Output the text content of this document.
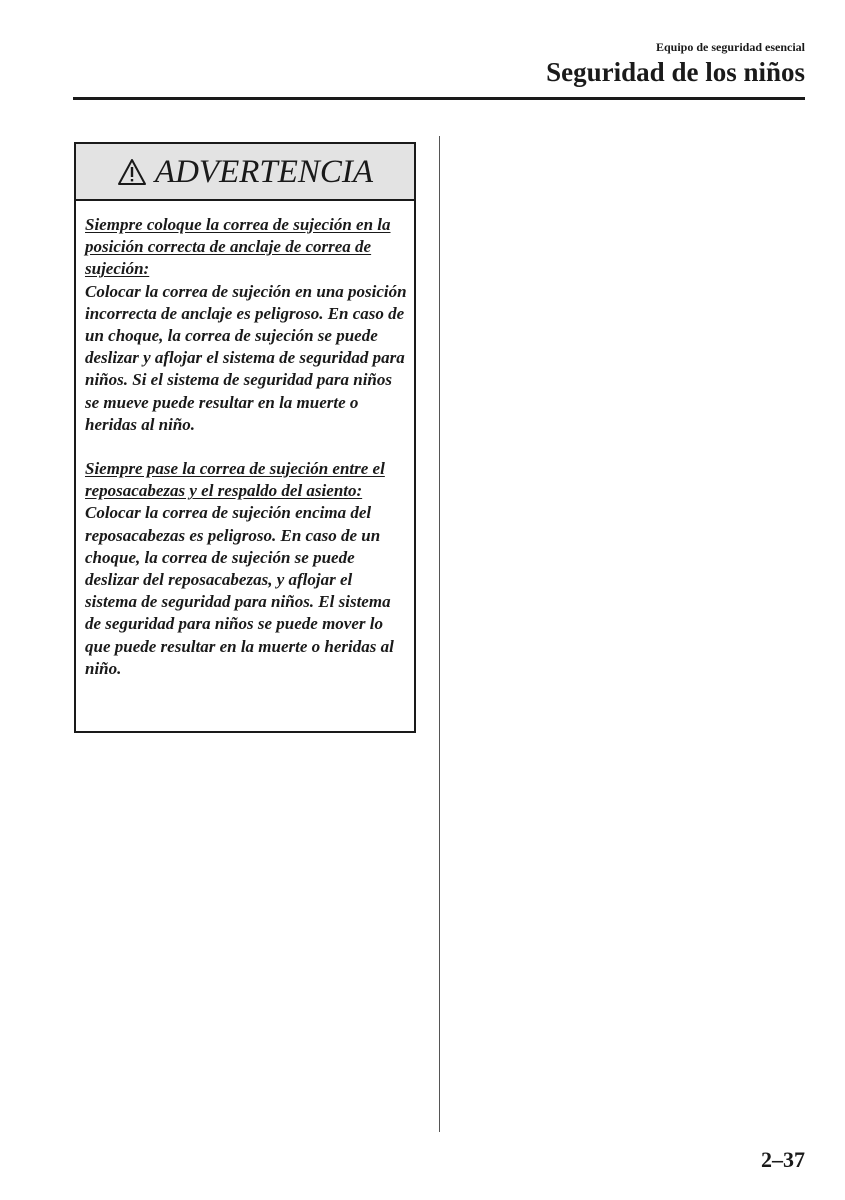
Equipo de seguridad esencial
Seguridad de los niños
ADVERTENCIA
Siempre coloque la correa de sujeción en la posición correcta de anclaje de correa de sujeción:

Colocar la correa de sujeción en una posición incorrecta de anclaje es peligroso. En caso de un choque, la correa de sujeción se puede deslizar y aflojar el sistema de seguridad para niños. Si el sistema de seguridad para niños se mueve puede resultar en la muerte o heridas al niño.

Siempre pase la correa de sujeción entre el reposacabezas y el respaldo del asiento:

Colocar la correa de sujeción encima del reposacabezas es peligroso. En caso de un choque, la correa de sujeción se puede deslizar del reposacabezas, y aflojar el sistema de seguridad para niños. El sistema de seguridad para niños se puede mover lo que puede resultar en la muerte o heridas al niño.

2–37
